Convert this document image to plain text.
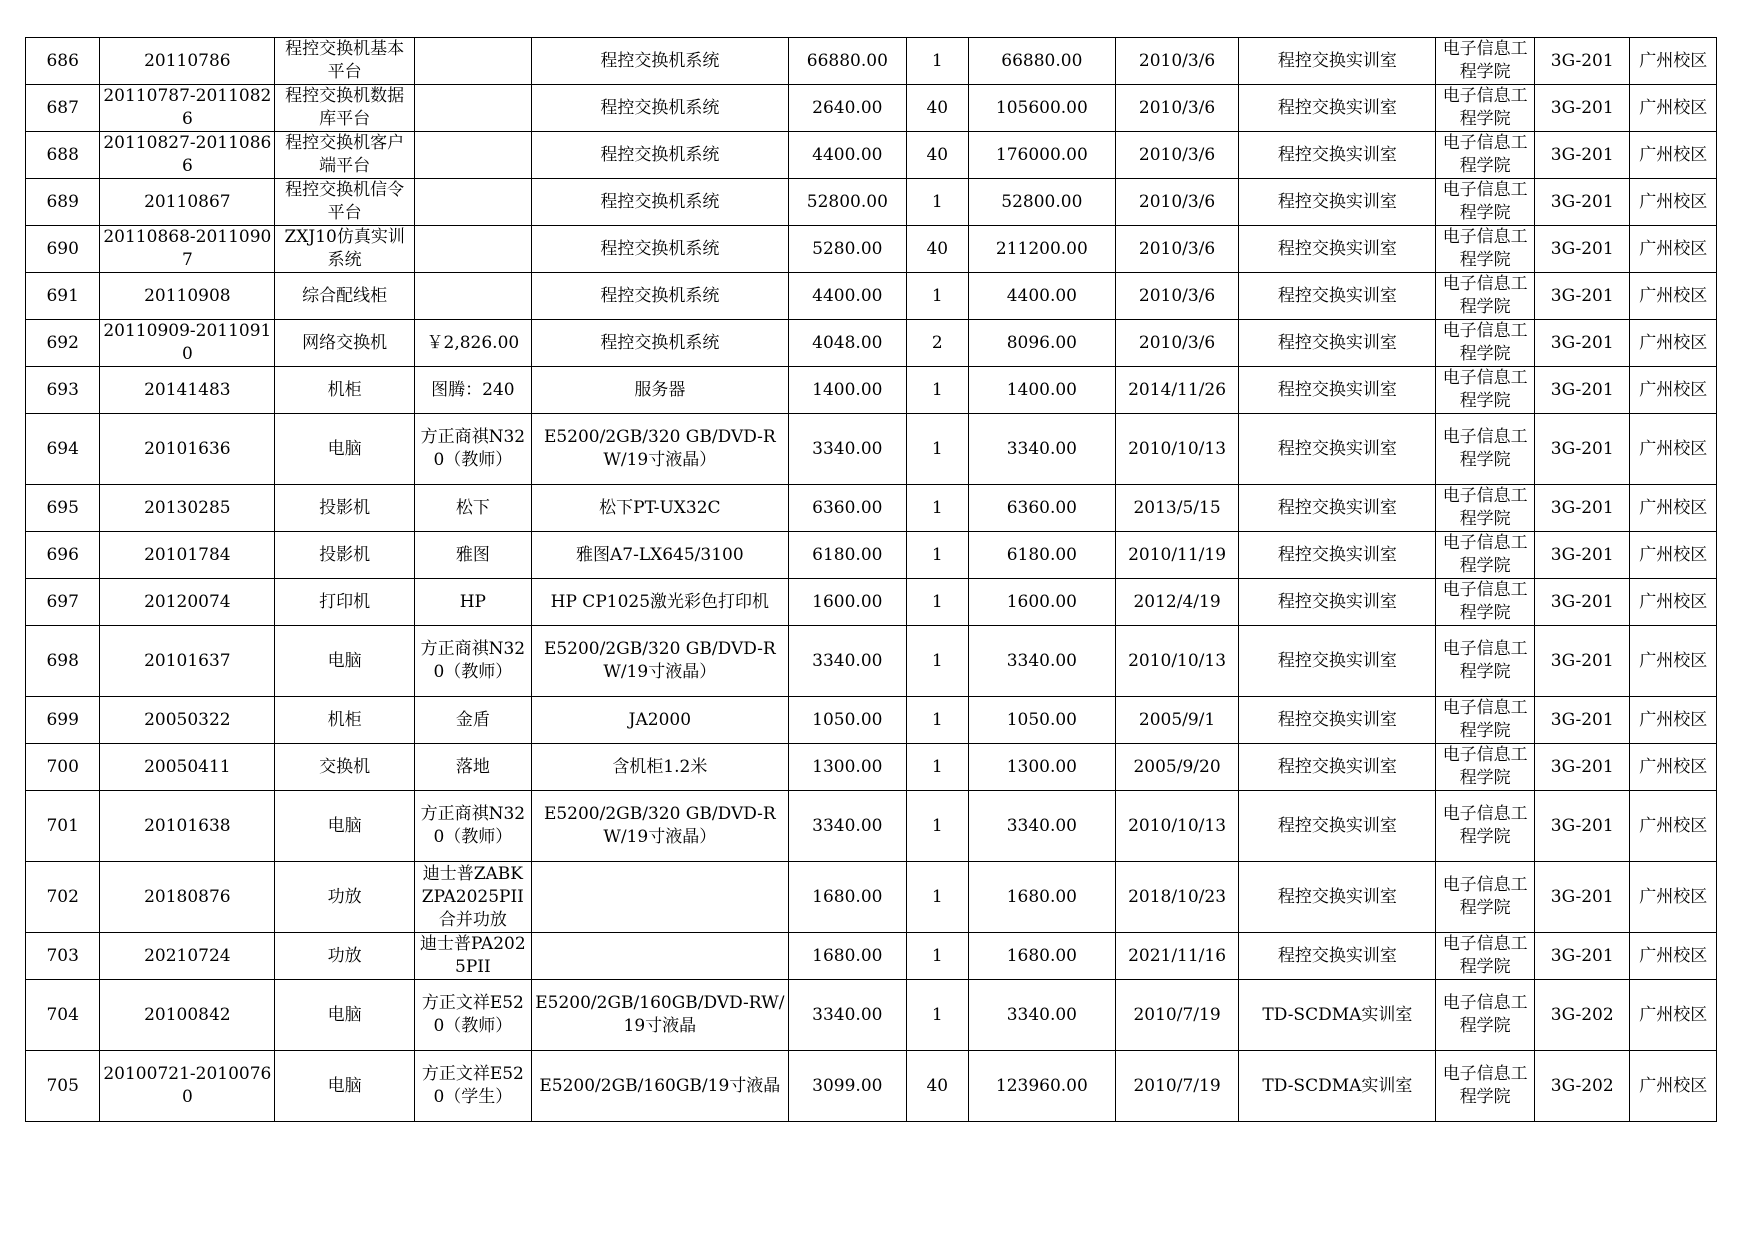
686	20110786	程控交换机基本平台		程控交换机系统	66880.00	1	66880.00	2010/3/6	程控交换实训室	电子信息工程学院	3G-201	广州校区
687	20110787-20110826	程控交换机数据库平台		程控交换机系统	2640.00	40	105600.00	2010/3/6	程控交换实训室	电子信息工程学院	3G-201	广州校区
688	20110827-20110866	程控交换机客户端平台		程控交换机系统	4400.00	40	176000.00	2010/3/6	程控交换实训室	电子信息工程学院	3G-201	广州校区
689	20110867	程控交换机信令平台		程控交换机系统	52800.00	1	52800.00	2010/3/6	程控交换实训室	电子信息工程学院	3G-201	广州校区
690	20110868-20110907	ZXJ10仿真实训系统		程控交换机系统	5280.00	40	211200.00	2010/3/6	程控交换实训室	电子信息工程学院	3G-201	广州校区
691	20110908	综合配线柜		程控交换机系统	4400.00	1	4400.00	2010/3/6	程控交换实训室	电子信息工程学院	3G-201	广州校区
692	20110909-20110910	网络交换机	￥2,826.00	程控交换机系统	4048.00	2	8096.00	2010/3/6	程控交换实训室	电子信息工程学院	3G-201	广州校区
693	20141483	机柜	图腾：240	服务器	1400.00	1	1400.00	2014/11/26	程控交换实训室	电子信息工程学院	3G-201	广州校区
694	20101636	电脑	方正商祺N320（教师）	E5200/2GB/320 GB/DVD-RW/19寸液晶）	3340.00	1	3340.00	2010/10/13	程控交换实训室	电子信息工程学院	3G-201	广州校区
695	20130285	投影机	松下	松下PT-UX32C	6360.00	1	6360.00	2013/5/15	程控交换实训室	电子信息工程学院	3G-201	广州校区
696	20101784	投影机	雅图	雅图A7-LX645/3100	6180.00	1	6180.00	2010/11/19	程控交换实训室	电子信息工程学院	3G-201	广州校区
697	20120074	打印机	HP	HP CP1025激光彩色打印机	1600.00	1	1600.00	2012/4/19	程控交换实训室	电子信息工程学院	3G-201	广州校区
698	20101637	电脑	方正商祺N320（教师）	E5200/2GB/320 GB/DVD-RW/19寸液晶）	3340.00	1	3340.00	2010/10/13	程控交换实训室	电子信息工程学院	3G-201	广州校区
699	20050322	机柜	金盾	JA2000	1050.00	1	1050.00	2005/9/1	程控交换实训室	电子信息工程学院	3G-201	广州校区
700	20050411	交换机	落地	含机柜1.2米	1300.00	1	1300.00	2005/9/20	程控交换实训室	电子信息工程学院	3G-201	广州校区
701	20101638	电脑	方正商祺N320（教师）	E5200/2GB/320 GB/DVD-RW/19寸液晶）	3340.00	1	3340.00	2010/10/13	程控交换实训室	电子信息工程学院	3G-201	广州校区
702	20180876	功放	迪士普ZABKZPA2025PII合并功放		1680.00	1	1680.00	2018/10/23	程控交换实训室	电子信息工程学院	3G-201	广州校区
703	20210724	功放	迪士普PA2025PII		1680.00	1	1680.00	2021/11/16	程控交换实训室	电子信息工程学院	3G-201	广州校区
704	20100842	电脑	方正文祥E520（教师）	E5200/2GB/160GB/DVD-RW/19寸液晶	3340.00	1	3340.00	2010/7/19	TD-SCDMA实训室	电子信息工程学院	3G-202	广州校区
705	20100721-20100760	电脑	方正文祥E520（学生）	E5200/2GB/160GB/19寸液晶	3099.00	40	123960.00	2010/7/19	TD-SCDMA实训室	电子信息工程学院	3G-202	广州校区
